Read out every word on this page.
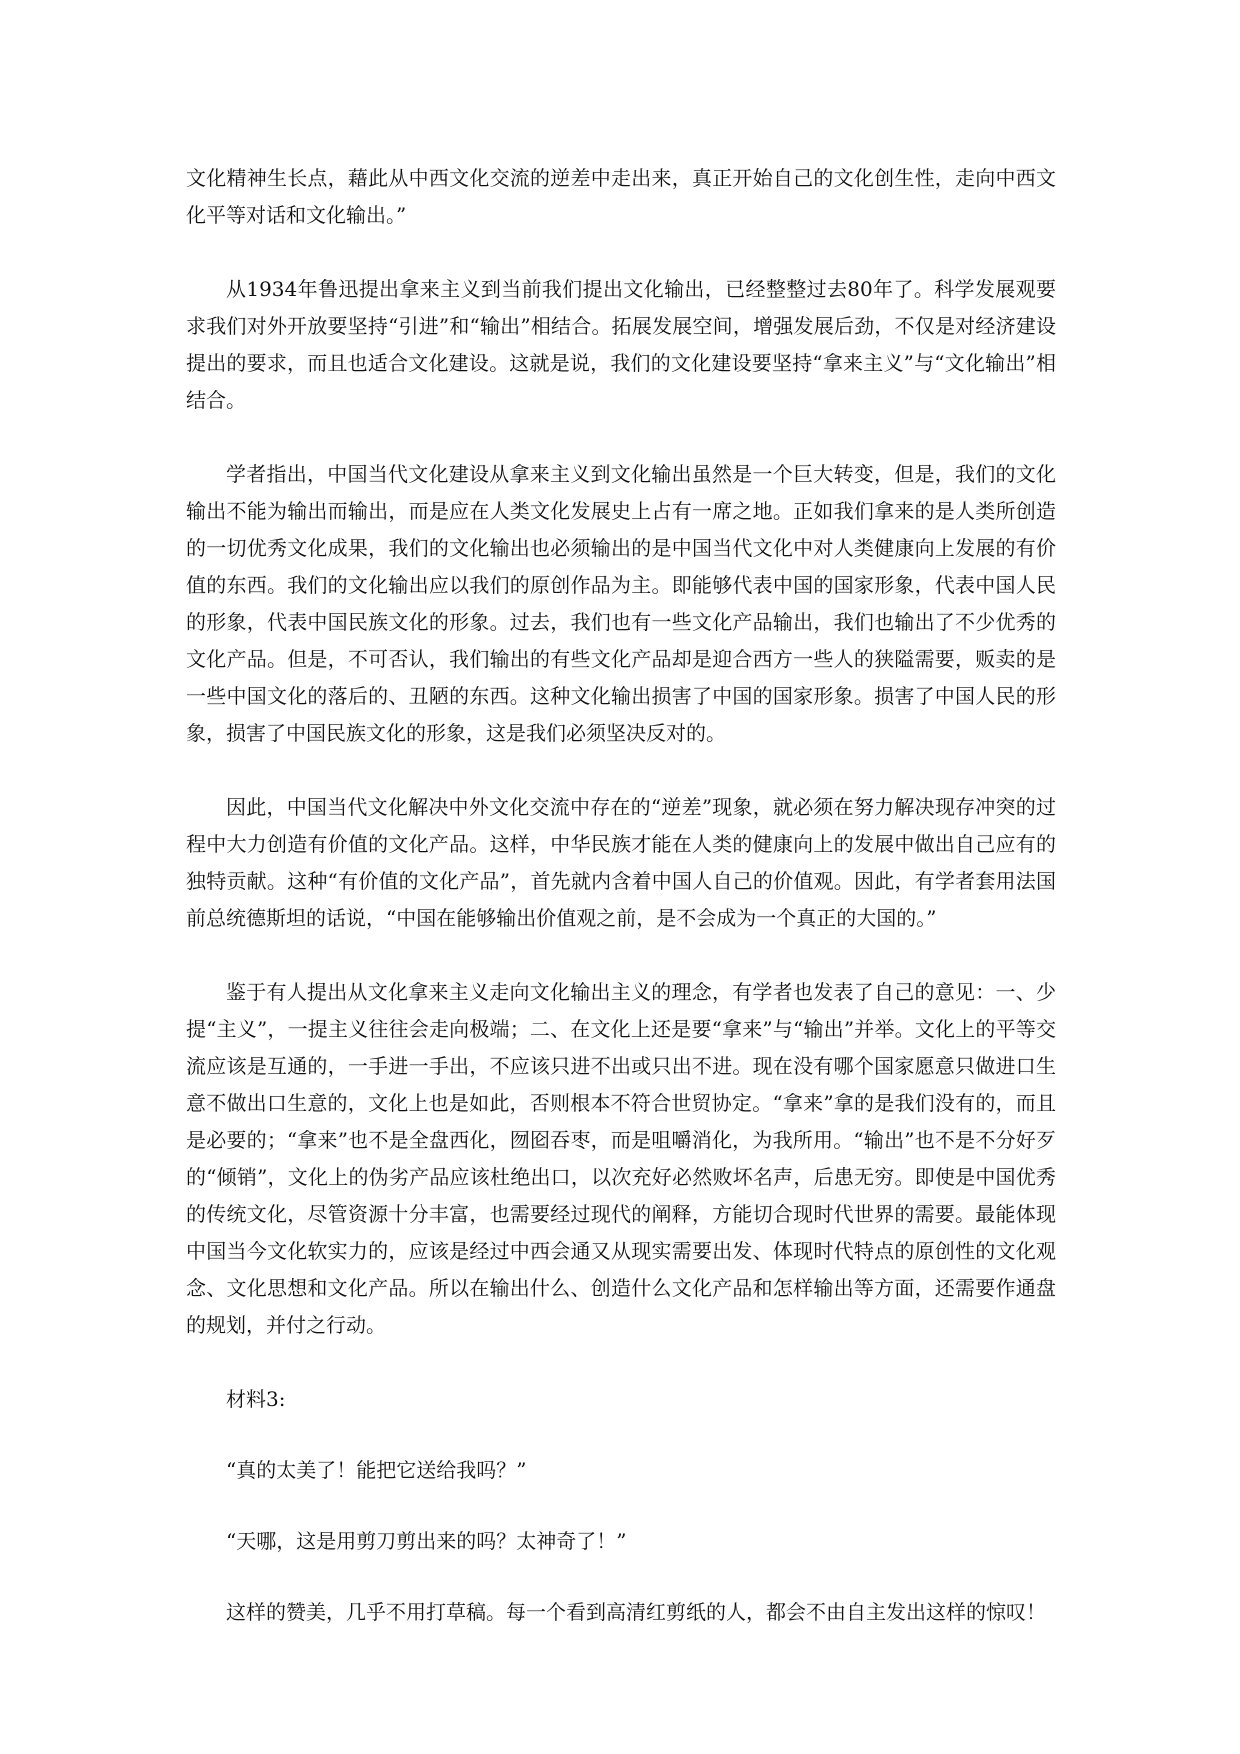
文化精神生长点，藉此从中西文化交流的逆差中走出来，真正开始自己的文化创生性，走向中西文化平等对话和文化输出。”

从1934年鲁迅提出拿来主义到当前我们提出文化输出，已经整整过去80年了。科学发展观要求我们对外开放要坚持“引进”和“输出”相结合。拓展发展空间，增强发展后劲，不仅是对经济建设提出的要求，而且也适合文化建设。这就是说，我们的文化建设要坚持“拿来主义”与“文化输出”相结合。

学者指出，中国当代文化建设从拿来主义到文化输出虽然是一个巨大转变，但是，我们的文化输出不能为输出而输出，而是应在人类文化发展史上占有一席之地。正如我们拿来的是人类所创造的一切优秀文化成果，我们的文化输出也必须输出的是中国当代文化中对人类健康向上发展的有价值的东西。我们的文化输出应以我们的原创作品为主。即能够代表中国的国家形象，代表中国人民的形象，代表中国民族文化的形象。过去，我们也有一些文化产品输出，我们也输出了不少优秀的文化产品。但是，不可否认，我们输出的有些文化产品却是迎合西方一些人的狭隘需要，贩卖的是一些中国文化的落后的、丑陋的东西。这种文化输出损害了中国的国家形象。损害了中国人民的形象，损害了中国民族文化的形象，这是我们必须坚决反对的。

因此，中国当代文化解决中外文化交流中存在的“逆差”现象，就必须在努力解决现存冲突的过程中大力创造有价值的文化产品。这样，中华民族才能在人类的健康向上的发展中做出自己应有的独特贡献。这种“有价值的文化产品”，首先就内含着中国人自己的价值观。因此，有学者套用法国前总统德斯坦的话说，“中国在能够输出价值观之前，是不会成为一个真正的大国的。”

鉴于有人提出从文化拿来主义走向文化输出主义的理念，有学者也发表了自己的意见：一、少提“主义”，一提主义往往会走向极端；二、在文化上还是要“拿来”与“输出”并举。文化上的平等交流应该是互通的，一手进一手出，不应该只进不出或只出不进。现在没有哪个国家愿意只做进口生意不做出口生意的，文化上也是如此，否则根本不符合世贸协定。“拿来”拿的是我们没有的，而且是必要的；“拿来”也不是全盘西化，囫囵吞枣，而是咀嚼消化，为我所用。“输出”也不是不分好歹的“倾销”，文化上的伪劣产品应该杜绝出口，以次充好必然败坏名声，后患无穷。即使是中国优秀的传统文化，尽管资源十分丰富，也需要经过现代的阐释，方能切合现时代世界的需要。最能体现中国当今文化软实力的，应该是经过中西会通又从现实需要出发、体现时代特点的原创性的文化观念、文化思想和文化产品。所以在输出什么、创造什么文化产品和怎样输出等方面，还需要作通盘的规划，并付之行动。

材料3:

“真的太美了！能把它送给我吗？”

“天哪，这是用剪刀剪出来的吗？太神奇了！”

这样的赞美，几乎不用打草稿。每一个看到高清红剪纸的人，都会不由自主发出这样的惊叹！
